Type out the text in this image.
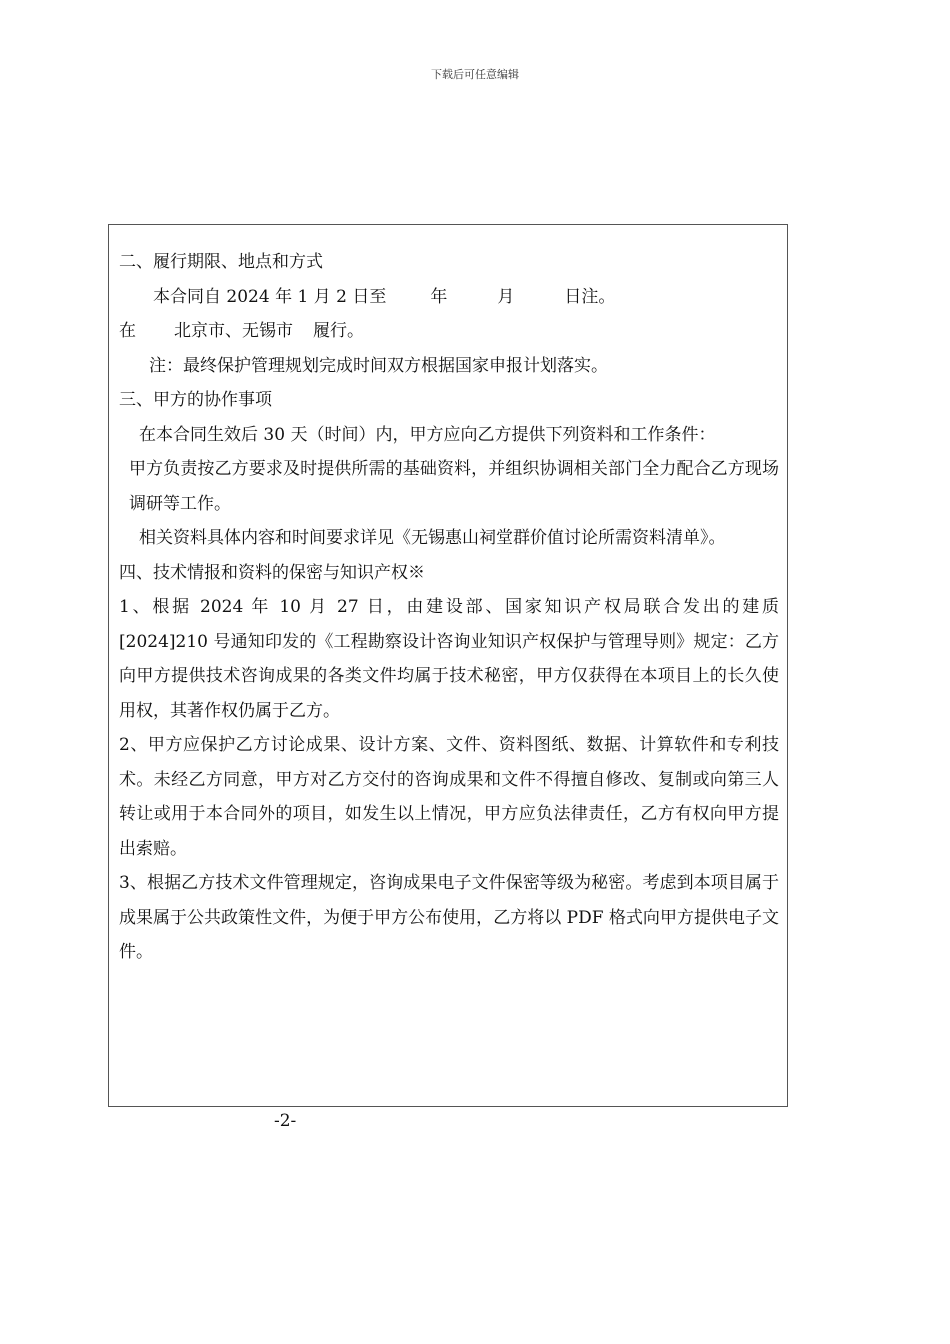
下载后可任意编辑
二、履行期限、地点和方式
本合同自 2024 年 1 月 2 日至	年	月	日注。
在 北京市、无锡市 履行。
注：最终保护管理规划完成时间双方根据国家申报计划落实。
三、甲方的协作事项
在本合同生效后 30 天（时间）内，甲方应向乙方提供下列资料和工作条件：
甲方负责按乙方要求及时提供所需的基础资料，并组织协调相关部门全力配合乙方现场调研等工作。
相关资料具体内容和时间要求详见《无锡惠山祠堂群价值讨论所需资料清单》。
四、技术情报和资料的保密与知识产权※
1、根据 2024 年 10 月 27 日，由建设部、国家知识产权局联合发出的建质[2024]210 号通知印发的《工程勘察设计咨询业知识产权保护与管理导则》规定：乙方向甲方提供技术咨询成果的各类文件均属于技术秘密，甲方仅获得在本项目上的长久使用权，其著作权仍属于乙方。
2、甲方应保护乙方讨论成果、设计方案、文件、资料图纸、数据、计算软件和专利技术。未经乙方同意，甲方对乙方交付的咨询成果和文件不得擅自修改、复制或向第三人转让或用于本合同外的项目，如发生以上情况，甲方应负法律责任，乙方有权向甲方提出索赔。
3、根据乙方技术文件管理规定，咨询成果电子文件保密等级为秘密。考虑到本项目属于成果属于公共政策性文件，为便于甲方公布使用，乙方将以 PDF 格式向甲方提供电子文件。
-2-
